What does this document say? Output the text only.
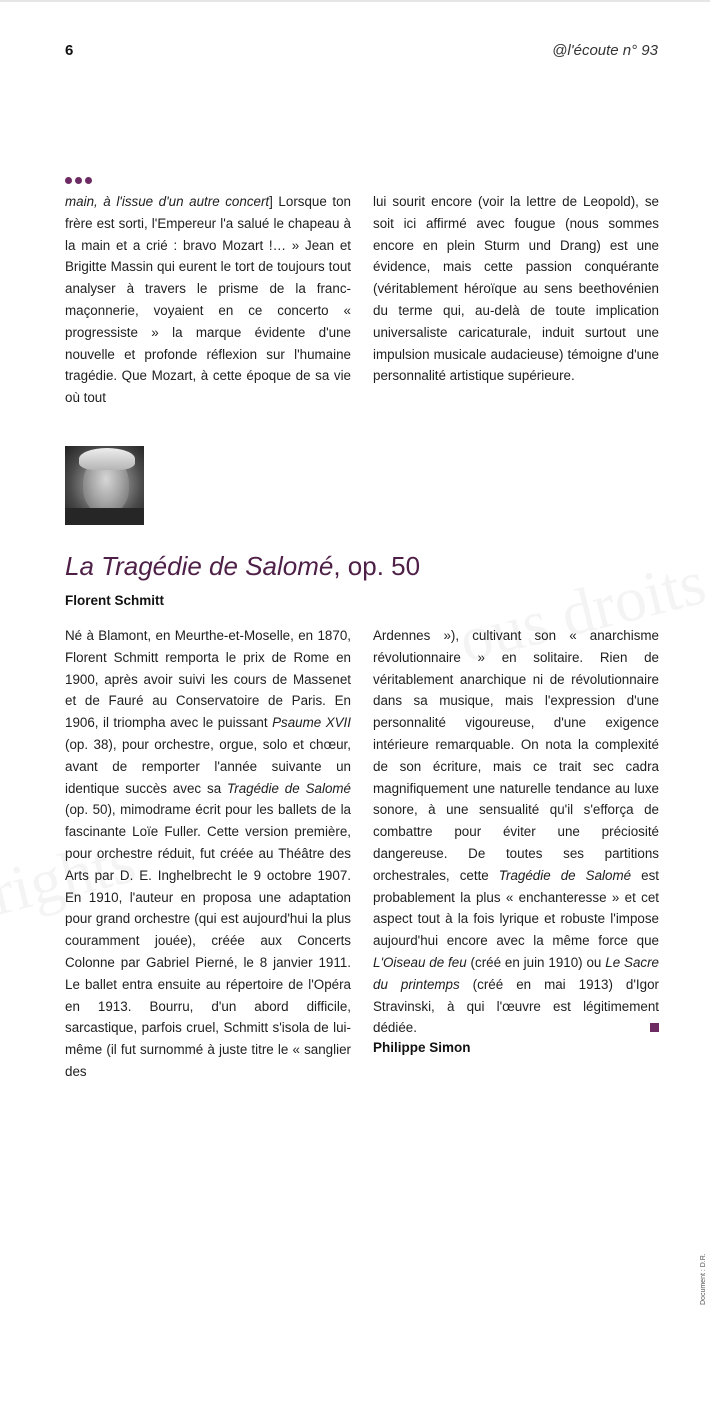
6	@l'écoute n° 93

main, à l'issue d'un autre concert] Lorsque ton frère est sorti, l'Empereur l'a salué le chapeau à la main et a crié : bravo Mozart !… » Jean et Brigitte Massin qui eurent le tort de toujours tout analyser à travers le prisme de la franc-maçonnerie, voyaient en ce concerto « progressiste » la marque évidente d'une nouvelle et profonde réflexion sur l'humaine tragédie. Que Mozart, à cette époque de sa vie où tout

lui sourit encore (voir la lettre de Leopold), se soit ici affirmé avec fougue (nous sommes encore en plein Sturm und Drang) est une évidence, mais cette passion conquérante (véritablement héroïque au sens beethovénien du terme qui, au-delà de toute implication universaliste caricaturale, induit surtout une impulsion musicale audacieuse) témoigne d'une personnalité artistique supérieure.

La Tragédie de Salomé, op. 50
Florent Schmitt

Né à Blamont, en Meurthe-et-Moselle, en 1870, Florent Schmitt remporta le prix de Rome en 1900, après avoir suivi les cours de Massenet et de Fauré au Conservatoire de Paris. En 1906, il triompha avec le puissant Psaume XVII (op. 38), pour orchestre, orgue, solo et chœur, avant de remporter l'année suivante un identique succès avec sa Tragédie de Salomé (op. 50), mimodrame écrit pour les ballets de la fascinante Loïe Fuller. Cette version première, pour orchestre réduit, fut créée au Théâtre des Arts par D. E. Inghelbrecht le 9 octobre 1907. En 1910, l'auteur en proposa une adaptation pour grand orchestre (qui est aujourd'hui la plus couramment jouée), créée aux Concerts Colonne par Gabriel Pierné, le 8 janvier 1911. Le ballet entra ensuite au répertoire de l'Opéra en 1913. Bourru, d'un abord difficile, sarcastique, parfois cruel, Schmitt s'isola de lui-même (il fut surnommé à juste titre le « sanglier des

Ardennes »), cultivant son « anarchisme révolutionnaire » en solitaire. Rien de véritablement anarchique ni de révolutionnaire dans sa musique, mais l'expression d'une personnalité vigoureuse, d'une exigence intérieure remarquable. On nota la complexité de son écriture, mais ce trait sec cadra magnifiquement une naturelle tendance au luxe sonore, à une sensualité qu'il s'efforça de combattre pour éviter une préciosité dangereuse. De toutes ses partitions orchestrales, cette Tragédie de Salomé est probablement la plus « enchanteresse » et cet aspect tout à la fois lyrique et robuste l'impose aujourd'hui encore avec la même force que L'Oiseau de feu (créé en juin 1910) ou Le Sacre du printemps (créé en mai 1913) d'Igor Stravinski, à qui l'œuvre est légitimement dédiée.

Philippe Simon
Document : D.R.
